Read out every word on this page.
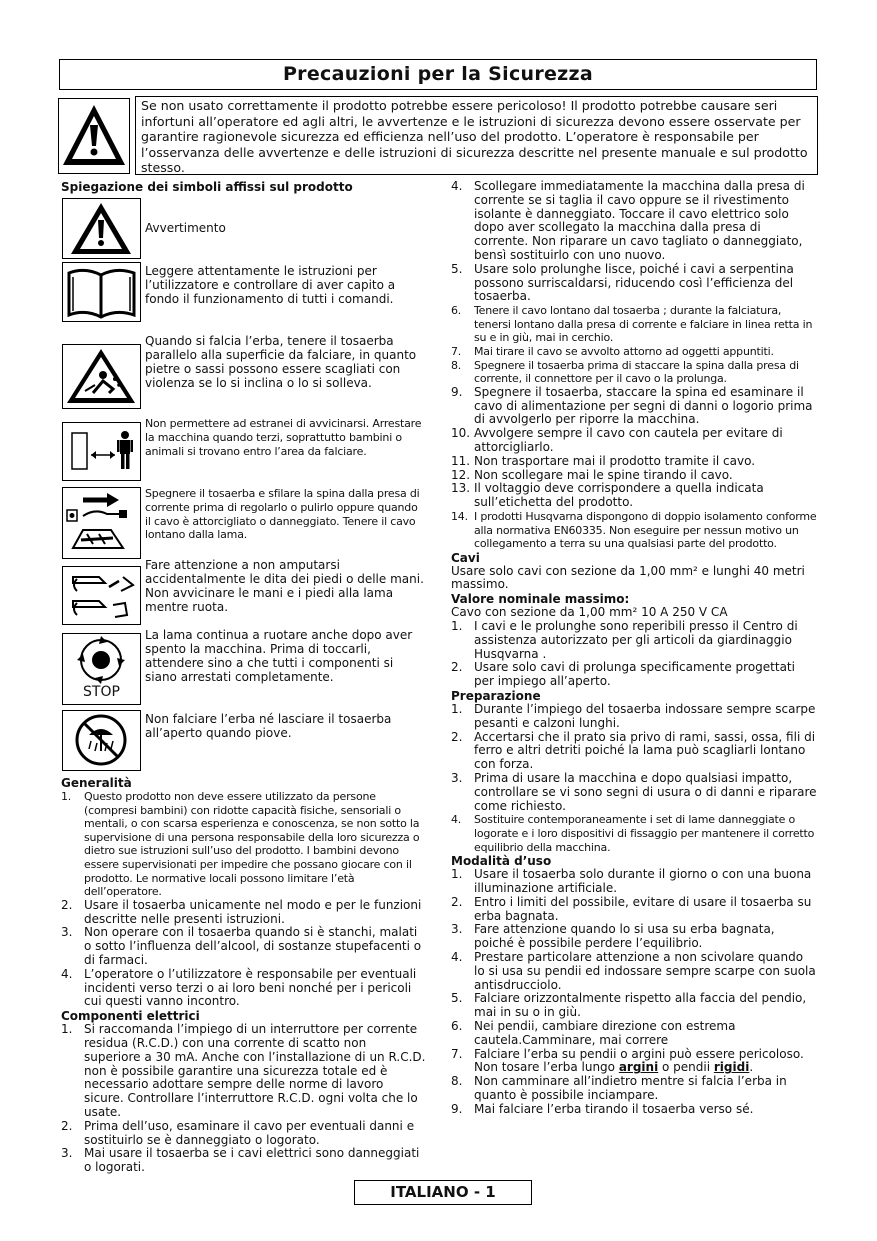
Precauzioni per la Sicurezza
Se non usato correttamente il prodotto potrebbe essere pericoloso! Il prodotto potrebbe causare seri infortuni all’operatore ed agli altri, le avvertenze e le istruzioni di sicurezza devono essere osservate per garantire ragionevole sicurezza ed efficienza nell’uso del prodotto. L’operatore è responsabile per l’osservanza delle avvertenze e delle istruzioni di sicurezza descritte nel presente manuale e sul prodotto stesso.
Spiegazione dei simboli affissi sul prodotto
Avvertimento
Leggere attentamente le istruzioni per l’utilizzatore e controllare di aver capito a fondo il funzionamento di tutti i comandi.
Quando si falcia l’erba, tenere il tosaerba parallelo alla superficie da falciare, in quanto pietre o sassi possono essere scagliati con violenza se lo si inclina o lo si solleva.
Non permettere ad estranei di avvicinarsi. Arrestare la macchina quando terzi, soprattutto bambini o animali si trovano entro l’area da falciare.
Spegnere il tosaerba e sfilare la spina dalla presa di corrente prima di regolarlo o pulirlo oppure quando il cavo è attorcigliato o danneggiato. Tenere il cavo lontano dalla lama.
Fare attenzione a non amputarsi accidentalmente le dita dei piedi o delle mani. Non avvicinare le mani e i piedi alla lama mentre ruota.
STOP
La lama continua a ruotare anche dopo aver spento la macchina. Prima di toccarli, attendere sino a che tutti i componenti si siano arrestati completamente.
Non falciare l’erba né lasciare il tosaerba all’aperto quando piove.
Generalità
1. Questo prodotto non deve essere utilizzato da persone (compresi bambini) con ridotte capacità fisiche, sensoriali o mentali, o con scarsa esperienza e conoscenza, se non sotto la supervisione di una persona responsabile della loro sicurezza o dietro sue istruzioni sull’uso del prodotto. I bambini devono essere supervisionati per impedire che possano giocare con il prodotto. Le normative locali possono limitare l’età dell’operatore.
2. Usare il tosaerba unicamente nel modo e per le funzioni descritte nelle presenti istruzioni.
3. Non operare con il tosaerba quando si è stanchi, malati o sotto l’influenza dell’alcool, di sostanze stupefacenti o di farmaci.
4. L’operatore o l’utilizzatore è responsabile per eventuali incidenti verso terzi o ai loro beni nonché per i pericoli cui questi vanno incontro.
Componenti elettrici
1. Si raccomanda l’impiego di un interruttore per corrente residua (R.C.D.) con una corrente di scatto non superiore a 30 mA. Anche con l’installazione di un R.C.D. non è possibile garantire una sicurezza totale ed è necessario adottare sempre delle norme di lavoro sicure. Controllare l’interruttore R.C.D. ogni volta che lo usate.
2. Prima dell’uso, esaminare il cavo per eventuali danni e sostituirlo se è danneggiato o logorato.
3. Mai usare il tosaerba se i cavi elettrici sono danneggiati o logorati.
4. Scollegare immediatamente la macchina dalla presa di corrente se si taglia il cavo oppure se il rivestimento isolante è danneggiato. Toccare il cavo elettrico solo dopo aver scollegato la macchina dalla presa di corrente. Non riparare un cavo tagliato o danneggiato, bensì sostituirlo con uno nuovo.
5. Usare solo prolunghe lisce, poiché i cavi a serpentina possono surriscaldarsi, riducendo così l’efficienza del tosaerba.
6. Tenere il cavo lontano dal tosaerba ; durante la falciatura, tenersi lontano dalla presa di corrente e falciare in linea retta in su e in giù, mai in cerchio.
7. Mai tirare il cavo se avvolto attorno ad oggetti appuntiti.
8. Spegnere il tosaerba prima di staccare la spina dalla presa di corrente, il connettore per il cavo o la prolunga.
9. Spegnere il tosaerba, staccare la spina ed esaminare il cavo di alimentazione per segni di danni o logorio prima di avvolgerlo per riporre la macchina.
10. Avvolgere sempre il cavo con cautela per evitare di attorcigliarlo.
11. Non trasportare mai il prodotto tramite il cavo.
12. Non scollegare mai le spine tirando il cavo.
13. Il voltaggio deve corrispondere a quella indicata sull’etichetta del prodotto.
14. I prodotti Husqvarna dispongono di doppio isolamento conforme alla normativa EN60335. Non eseguire per nessun motivo un collegamento a terra su una qualsiasi parte del prodotto.
Cavi
Usare solo cavi con sezione da 1,00 mm² e lunghi 40 metri massimo.
Valore nominale massimo:
Cavo con sezione da 1,00 mm² 10 A 250 V CA
1. I cavi e le prolunghe sono reperibili presso il Centro di assistenza autorizzato per gli articoli da giardinaggio Husqvarna .
2. Usare solo cavi di prolunga specificamente progettati per impiego all’aperto.
Preparazione
1. Durante l’impiego del tosaerba indossare sempre scarpe pesanti e calzoni lunghi.
2. Accertarsi che il prato sia privo di rami, sassi, ossa, fili di ferro e altri detriti poiché la lama può scagliarli lontano con forza.
3. Prima di usare la macchina e dopo qualsiasi impatto, controllare se vi sono segni di usura o di danni e riparare come richiesto.
4. Sostituire contemporaneamente i set di lame danneggiate o logorate e i loro dispositivi di fissaggio per mantenere il corretto equilibrio della macchina.
Modalità d’uso
1. Usare il tosaerba solo durante il giorno o con una buona illuminazione artificiale.
2. Entro i limiti del possibile, evitare di usare il tosaerba su erba bagnata.
3. Fare attenzione quando lo si usa su erba bagnata, poiché è possibile perdere l’equilibrio.
4. Prestare particolare attenzione a non scivolare quando lo si usa su pendii ed indossare sempre scarpe con suola antisdrucciolo.
5. Falciare orizzontalmente rispetto alla faccia del pendio, mai in su o in giù.
6. Nei pendii, cambiare direzione con estrema cautela.Camminare, mai correre
7. Falciare l’erba su pendii o argini può essere pericoloso. Non tosare l’erba lungo argini o pendii rigidi.
8. Non camminare all’indietro mentre si falcia l’erba in quanto è possibile inciampare.
9. Mai falciare l’erba tirando il tosaerba verso sé.
ITALIANO - 1
